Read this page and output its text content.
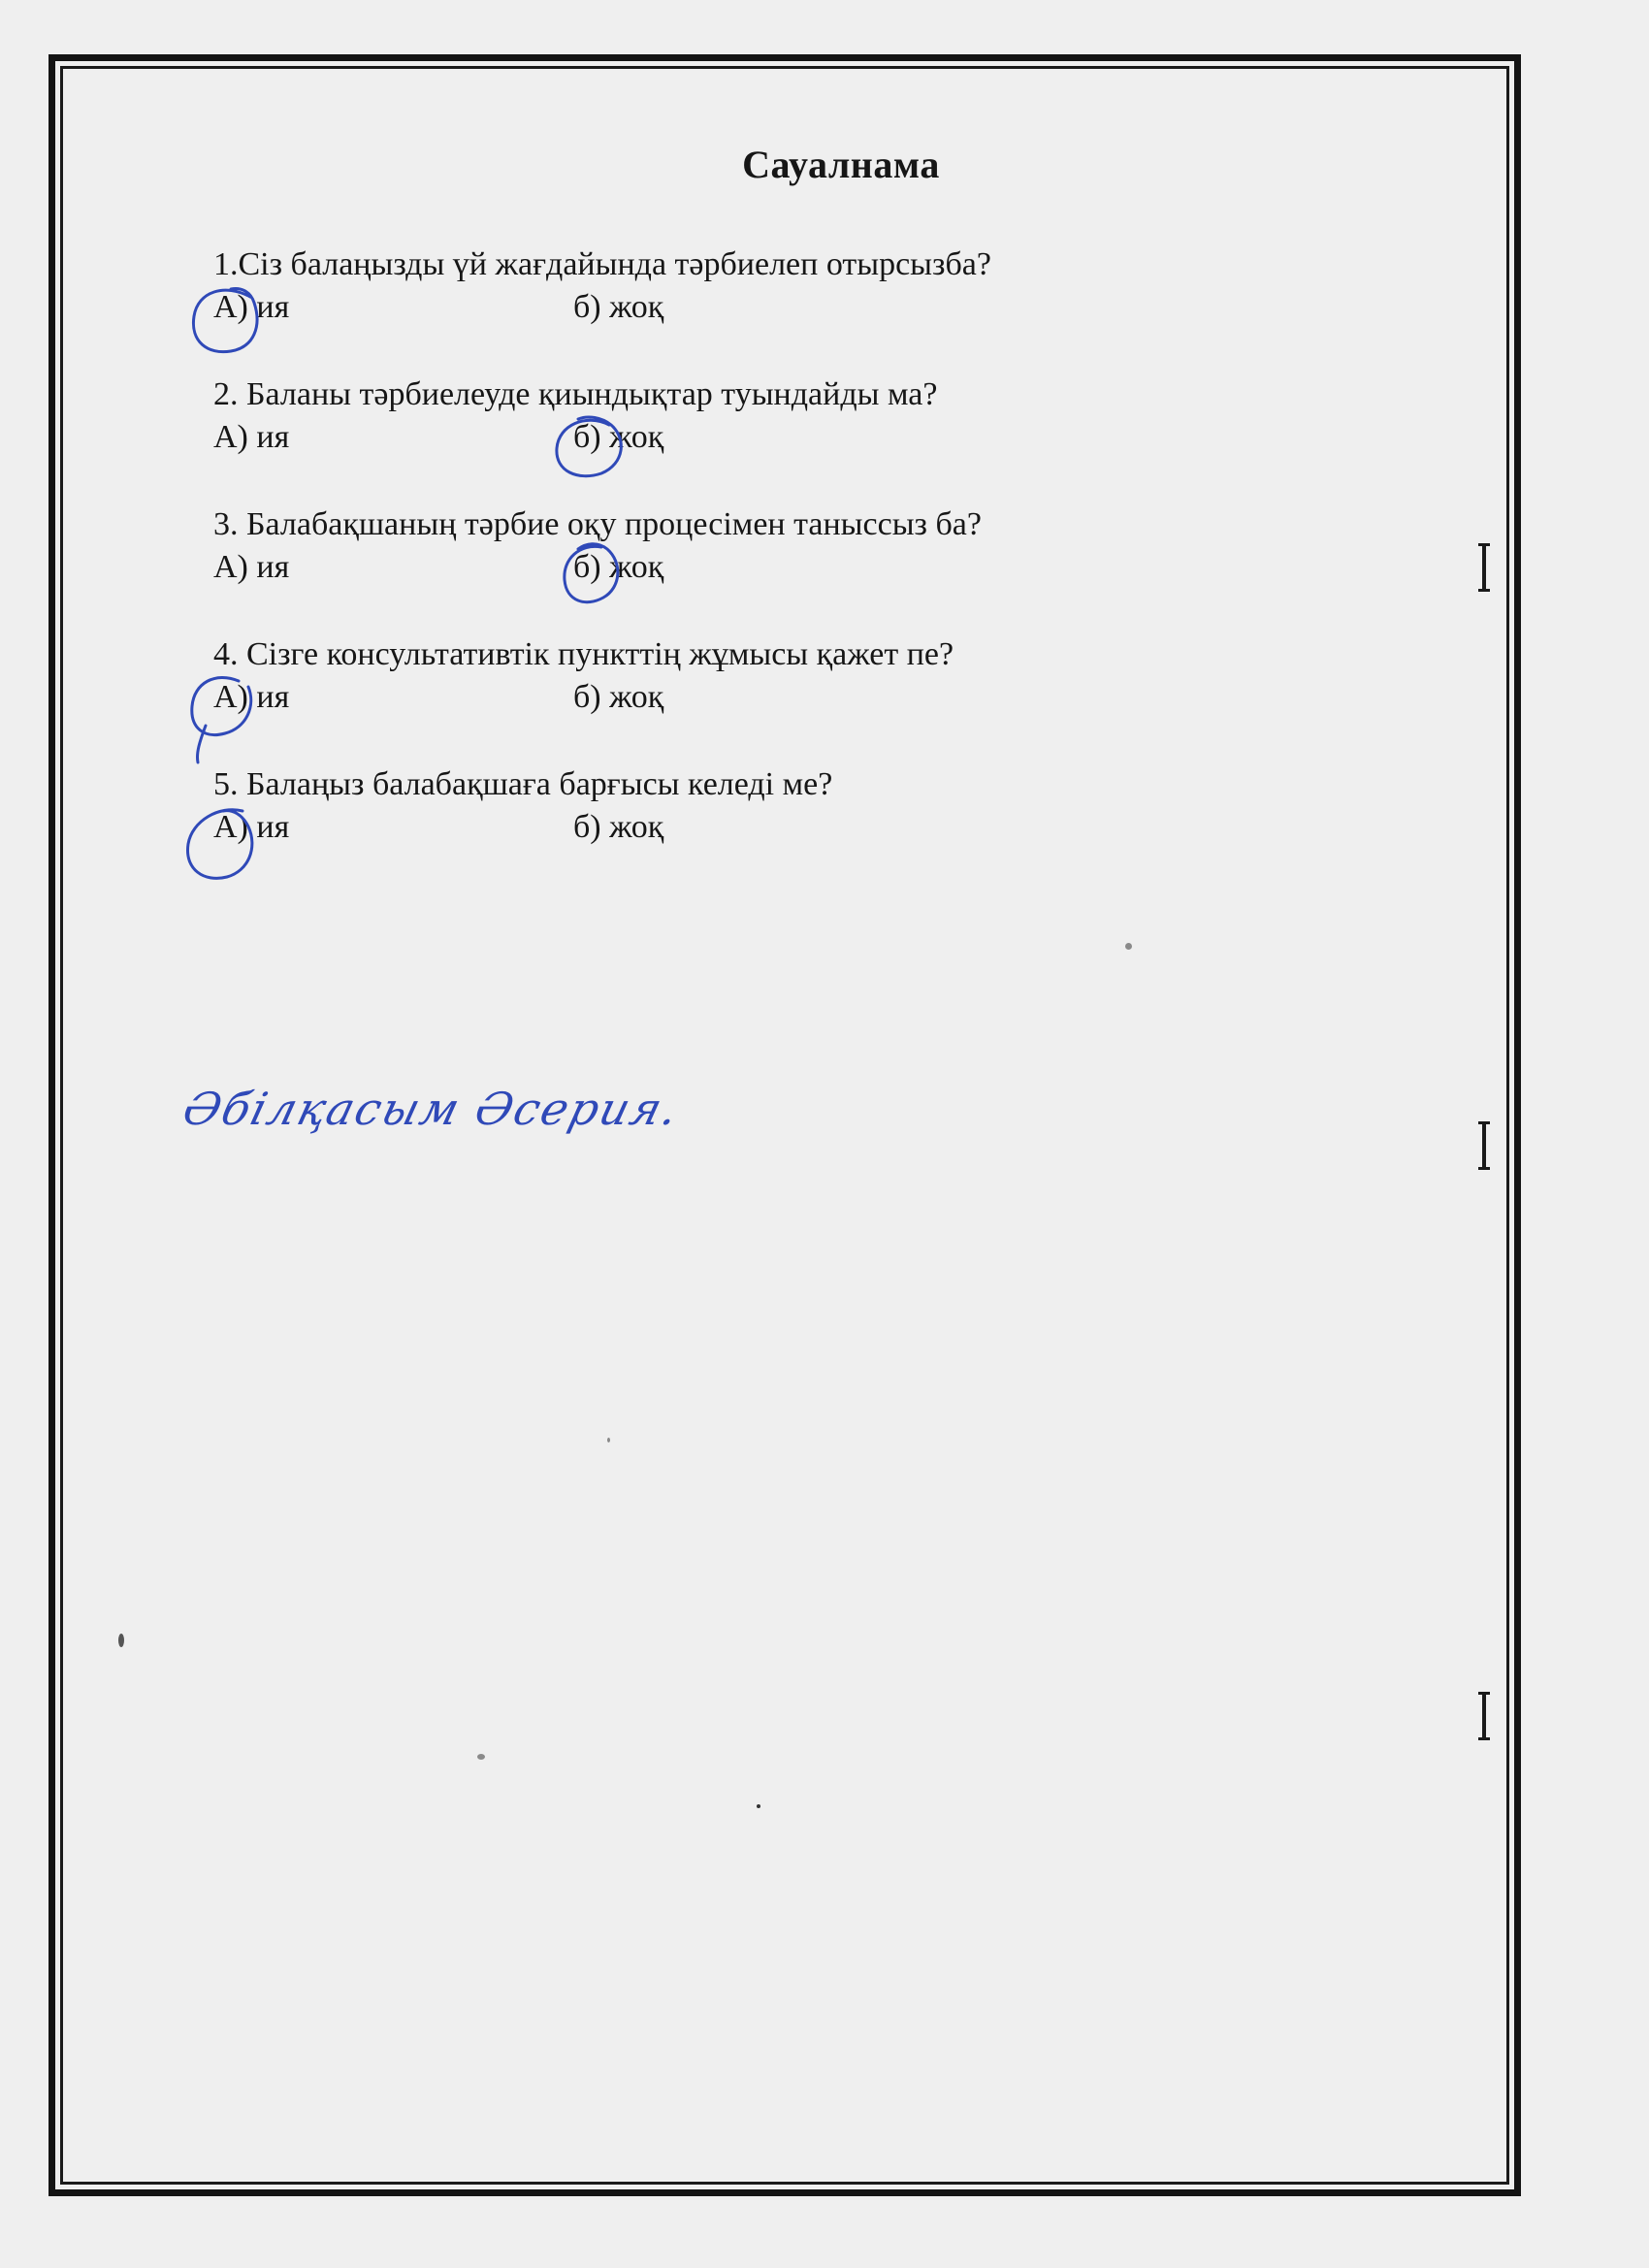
Сауалнама
1.Сіз балаңызды үй жағдайында тәрбиелеп отырсызба?
А) ия	б) жоқ
2. Баланы тәрбиелеуде қиындықтар туындайды ма?
А) ия	б) жоқ
3. Балабақшаның тәрбие оқу процесімен таныссыз ба?
А) ия	б) жоқ
4. Сізге консультативтік пункттің жұмысы қажет пе?
А) ия	б) жоқ
5. Балаңыз балабақшаға барғысы келеді ме?
А) ия	б) жоқ
Әбілқасым Әсерия.
